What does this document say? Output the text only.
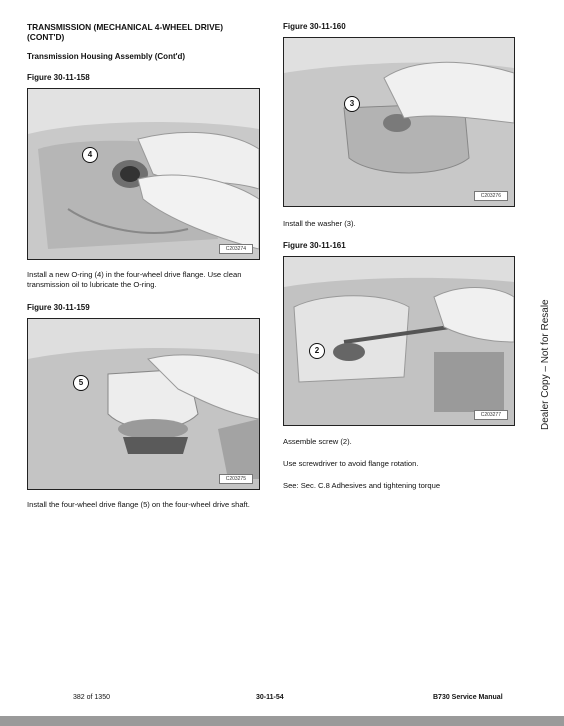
TRANSMISSION (MECHANICAL 4-WHEEL DRIVE)
(CONT'D)
Transmission Housing Assembly (Cont'd)
Figure 30-11-158
4
C203274
Install a new O-ring (4) in the four-wheel drive flange. Use clean transmission oil to lubricate the O-ring.
Figure 30-11-159
5
C203275
Install the four-wheel drive flange (5) on the four-wheel drive shaft.
Figure 30-11-160
3
C203276
Install the washer (3).
Figure 30-11-161
2
C203277
Assemble screw (2).
Use screwdriver to avoid flange rotation.
See: Sec. C.8 Adhesives and tightening torque
Dealer Copy – Not for Resale
382 of 1350	30-11-54	B730 Service Manual
